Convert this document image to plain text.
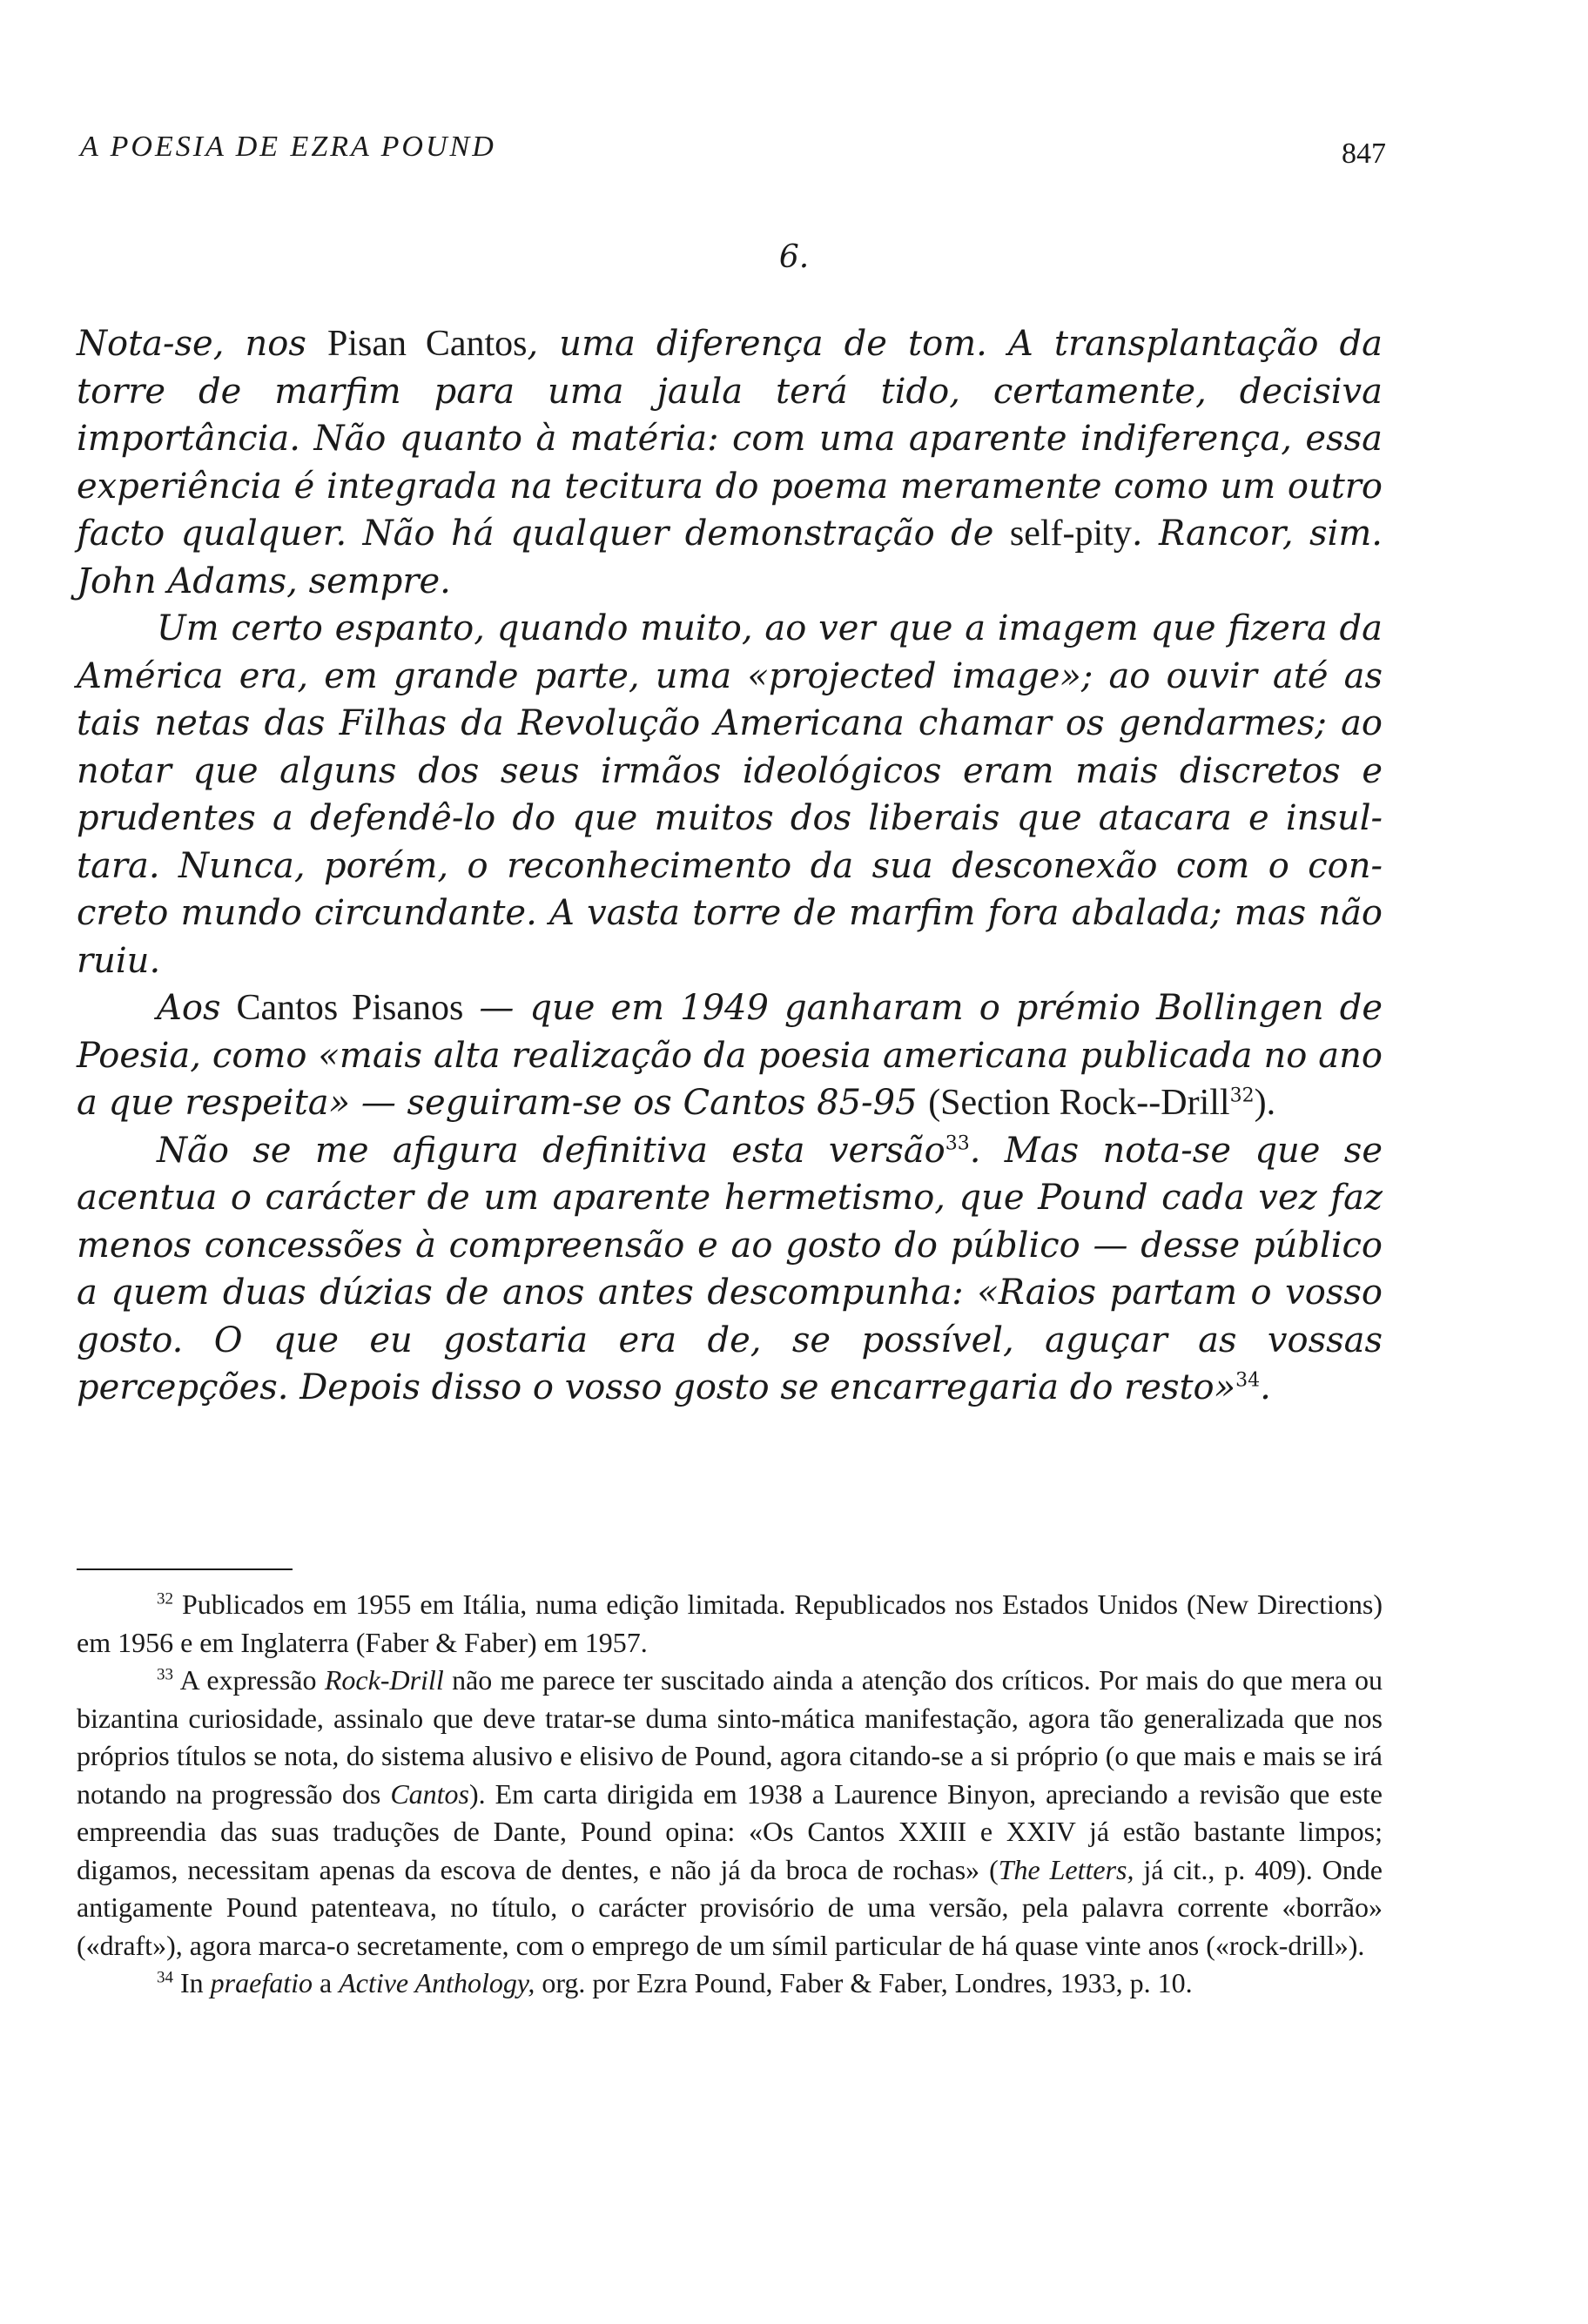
A POESIA DE EZRA POUND	847
6.

Nota-se, nos Pisan Cantos, uma diferença de tom. A transplantação da torre de marfim para uma jaula terá tido, certamente, decisiva importância. Não quanto à matéria: com uma aparente indiferença, essa experiência é integrada na tecitura do poema meramente como um outro facto qualquer. Não há qualquer demonstração de self-pity. Rancor, sim. John Adams, sempre.

Um certo espanto, quando muito, ao ver que a imagem que fizera da América era, em grande parte, uma «projected image»; ao ouvir até as tais netas das Filhas da Revolução Americana chamar os gendarmes; ao notar que alguns dos seus irmãos ideológicos eram mais discretos e prudentes a defendê-lo do que muitos dos liberais que atacara e insul-tara. Nunca, porém, o reconhecimento da sua desconexão com o con-creto mundo circundante. A vasta torre de marfim fora abalada; mas não ruiu.

Aos Cantos Pisanos — que em 1949 ganharam o prémio Bollingen de Poesia, como «mais alta realização da poesia americana publicada no ano a que respeita» — seguiram-se os Cantos 85-95 (Section Rock--Drill$^{32}$).

Não se me afigura definitiva esta versão$^{33}$. Mas nota-se que se acentua o carácter de um aparente hermetismo, que Pound cada vez faz menos concessões à compreensão e ao gosto do público — desse público a quem duas dúzias de anos antes descompunha: «Raios partam o vosso gosto. O que eu gostaria era de, se possível, aguçar as vossas percepções. Depois disso o vosso gosto se encarregaria do resto»$^{34}$.

$^{32}$ Publicados em 1955 em Itália, numa edição limitada. Republicados nos Estados Unidos (New Directions) em 1956 e em Inglaterra (Faber & Faber) em 1957.

$^{33}$ A expressão Rock-Drill não me parece ter suscitado ainda a atenção dos críticos. Por mais do que mera ou bizantina curiosidade, assinalo que deve tratar-se duma sinto-mática manifestação, agora tão generalizada que nos próprios títulos se nota, do sistema alusivo e elisivo de Pound, agora citando-se a si próprio (o que mais e mais se irá notando na progressão dos Cantos). Em carta dirigida em 1938 a Laurence Binyon, apreciando a revisão que este empreendia das suas traduções de Dante, Pound opina: «Os Cantos XXIII e XXIV já estão bastante limpos; digamos, necessitam apenas da escova de dentes, e não já da broca de rochas» (The Letters, já cit., p. 409). Onde antigamente Pound patenteava, no título, o carácter provisório de uma versão, pela palavra corrente «borrão» («draft»), agora marca-o secretamente, com o emprego de um símil particular de há quase vinte anos («rock-drill»).

$^{34}$ In praefatio a Active Anthology, org. por Ezra Pound, Faber & Faber, Londres, 1933, p. 10.
